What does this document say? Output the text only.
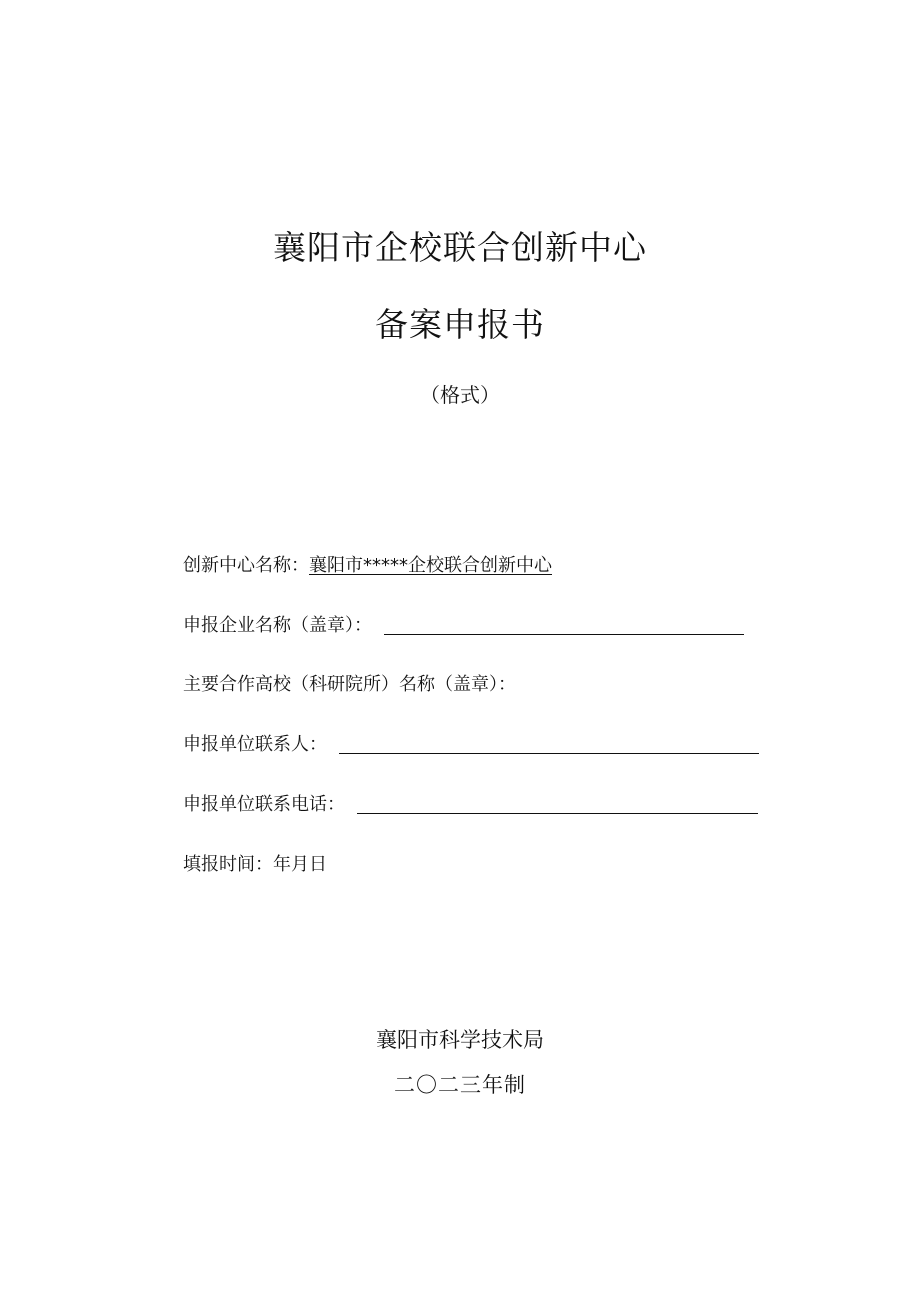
襄阳市企校联合创新中心
备案申报书
（格式）
创新中心名称： 襄阳市*****企校联合创新中心
申报企业名称（盖章）：
主要合作高校（科研院所）名称（盖章）：
申报单位联系人：
申报单位联系电话：
填报时间：年月日
襄阳市科学技术局
二〇二三年制
